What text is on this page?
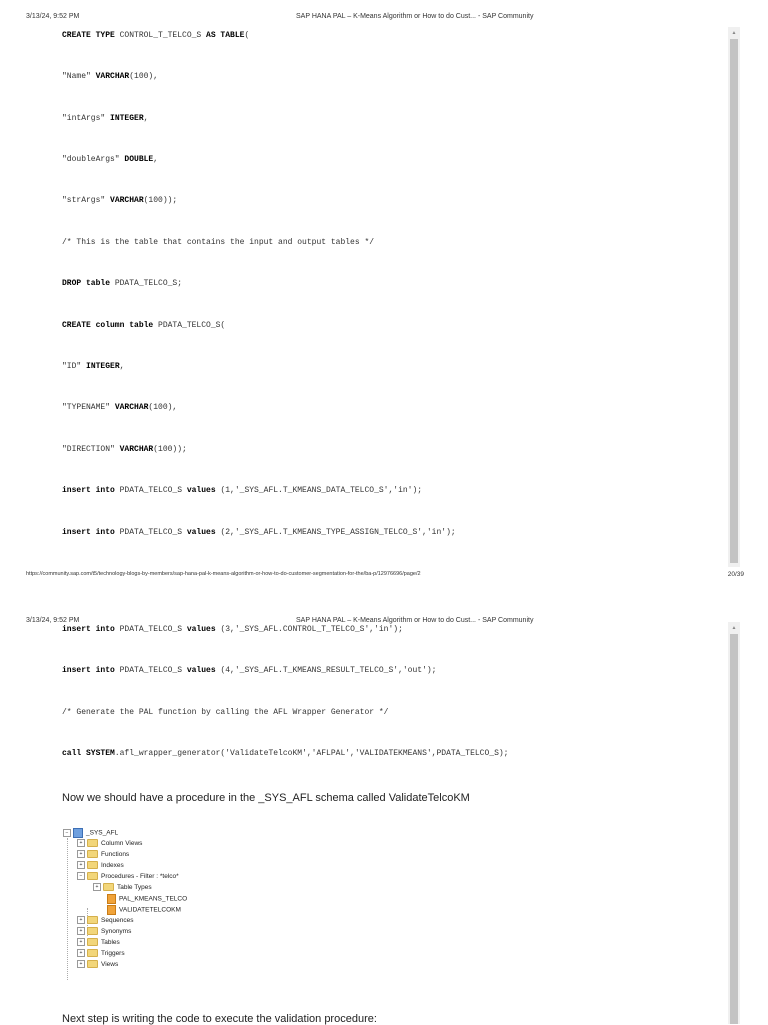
3/13/24, 9:52 PM	SAP HANA PAL – K-Means Algorithm or How to do Cust... - SAP Community
CREATE TYPE CONTROL_T_TELCO_S AS TABLE(
"Name" VARCHAR(100),
"intArgs" INTEGER,
"doubleArgs" DOUBLE,
"strArgs" VARCHAR(100));
/* This is the table that contains the input and output tables */
DROP table PDATA_TELCO_S;
CREATE column table PDATA_TELCO_S(
"ID" INTEGER,
"TYPENAME" VARCHAR(100),
"DIRECTION" VARCHAR(100));
insert into PDATA_TELCO_S values (1,'_SYS_AFL.T_KMEANS_DATA_TELCO_S','in');
insert into PDATA_TELCO_S values (2,'_SYS_AFL.T_KMEANS_TYPE_ASSIGN_TELCO_S','in');
▲
https://community.sap.com/t5/technology-blogs-by-members/sap-hana-pal-k-means-algorithm-or-how-to-do-customer-segmentation-for-the/ba-p/12976696/page/2	20/39
3/13/24, 9:52 PM	SAP HANA PAL – K-Means Algorithm or How to do Cust... - SAP Community
insert into PDATA_TELCO_S values (3,'_SYS_AFL.CONTROL_T_TELCO_S','in');
insert into PDATA_TELCO_S values (4,'_SYS_AFL.T_KMEANS_RESULT_TELCO_S','out');
/* Generate the PAL function by calling the AFL Wrapper Generator */
call SYSTEM.afl_wrapper_generator('ValidateTelcoKM','AFLPAL','VALIDATEKMEANS',PDATA_TELCO_S);
Now we should have a procedure in the _SYS_AFL schema called ValidateTelcoKM
−	_SYS_AFL
+	Column Views
+	Functions
+	Indexes
−	Procedures - Filter : *telco*
+	Table Types
PAL_KMEANS_TELCO
VALIDATETELCOKM
+	Sequences
+	Synonyms
+	Tables
+	Triggers
+	Views
Next step is writing the code to execute the validation procedure:
▲
